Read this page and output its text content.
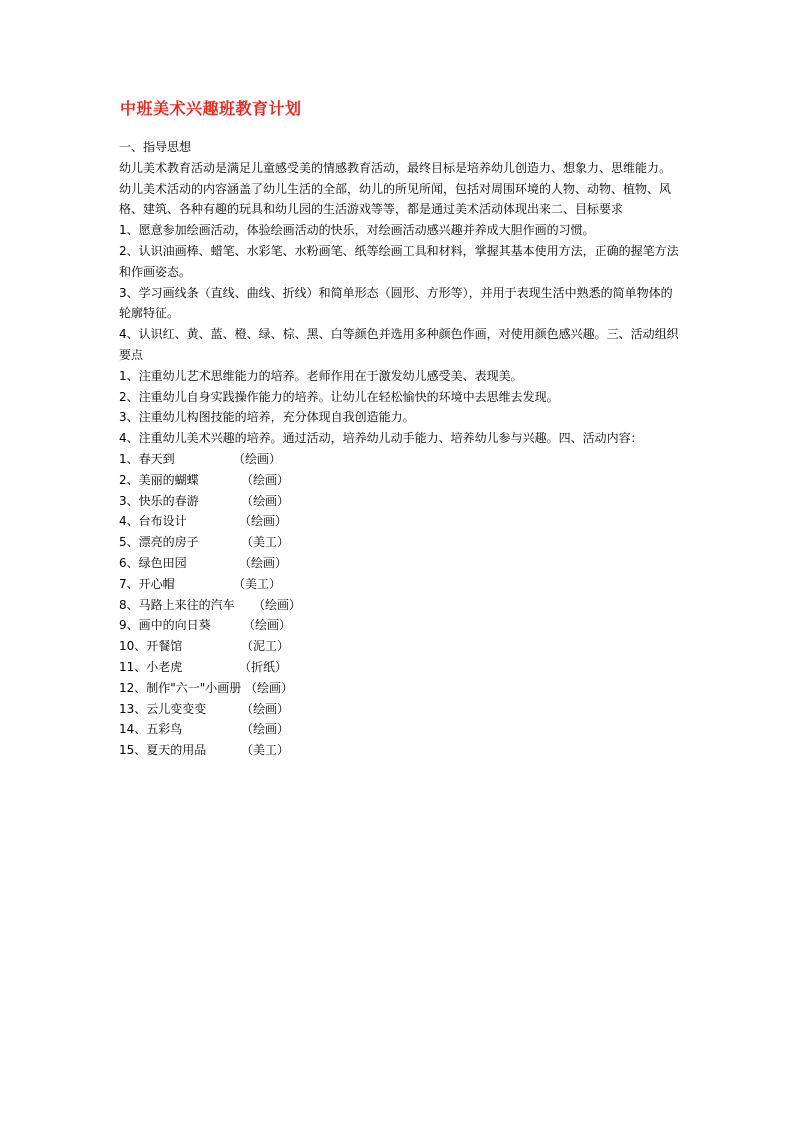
中班美术兴趣班教育计划
一、指导思想
幼儿美术教育活动是满足儿童感受美的情感教育活动，最终目标是培养幼儿创造力、想象力、思维能力。
幼儿美术活动的内容涵盖了幼儿生活的全部，幼儿的所见所闻，包括对周围环境的人物、动物、植物、风
格、建筑、各种有趣的玩具和幼儿园的生活游戏等等，都是通过美术活动体现出来二、目标要求
1、愿意参加绘画活动，体验绘画活动的快乐，对绘画活动感兴趣并养成大胆作画的习惯。
2、认识油画棒、蜡笔、水彩笔、水粉画笔、纸等绘画工具和材料，掌握其基本使用方法，正确的握笔方法
和作画姿态。
3、学习画线条（直线、曲线、折线）和简单形态（圆形、方形等），并用于表现生活中熟悉的简单物体的
轮廓特征。
4、认识红、黄、蓝、橙、绿、棕、黑、白等颜色并选用多种颜色作画，对使用颜色感兴趣。三、活动组织
要点
1、注重幼儿艺术思维能力的培养。老师作用在于激发幼儿感受美、表现美。
2、注重幼儿自身实践操作能力的培养。让幼儿在轻松愉快的环境中去思维去发现。
3、注重幼儿构图技能的培养，充分体现自我创造能力。
4、注重幼儿美术兴趣的培养。通过活动，培养幼儿动手能力、培养幼儿参与兴趣。四、活动内容：
1、春天到	（绘画）
2、美丽的蝴蝶	（绘画）
3、快乐的春游	（绘画）
4、台布设计	（绘画）
5、漂亮的房子	（美工）
6、绿色田园	（绘画）
7、开心帽	（美工）
8、马路上来往的汽车 （绘画）
9、画中的向日葵	（绘画）
10、开餐馆	（泥工）
11、小老虎	（折纸）
12、制作"六一"小画册 （绘画）
13、云儿变变变	（绘画）
14、五彩鸟	（绘画）
15、夏天的用品	（美工）
